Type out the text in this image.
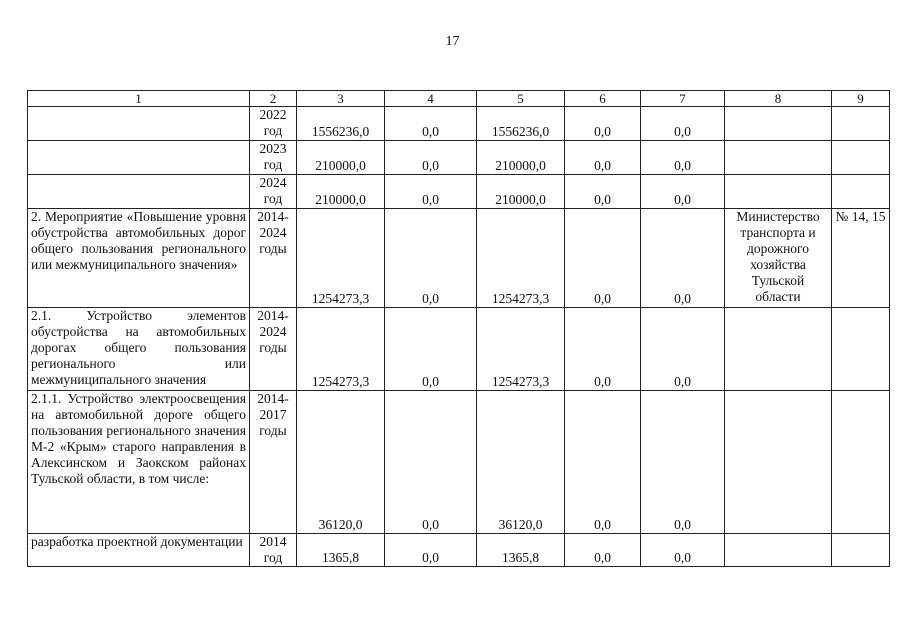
17
1	2	3	4	5	6	7	8	9
	2022 год	1556236,0	0,0	1556236,0	0,0	0,0		
	2023 год	210000,0	0,0	210000,0	0,0	0,0		
	2024 год	210000,0	0,0	210000,0	0,0	0,0		
2. Мероприятие «Повышение уровня обустройства автомобильных дорог общего пользования регионального или межмуниципального значения»	2014-2024 годы	1254273,3	0,0	1254273,3	0,0	0,0	Министерство транспорта и дорожного хозяйства Тульской области	№ 14, 15
2.1. Устройство элементов обустройства на автомобильных дорогах общего пользования регионального или межмуниципального значения	2014-2024 годы	1254273,3	0,0	1254273,3	0,0	0,0		
2.1.1. Устройство электроосвещения на автомобильной дороге общего пользования регионального значения М-2 «Крым» старого направления в Алексинском и Заокском районах Тульской области, в том числе:	2014-2017 годы	36120,0	0,0	36120,0	0,0	0,0		
разработка проектной документации	2014 год	1365,8	0,0	1365,8	0,0	0,0		
